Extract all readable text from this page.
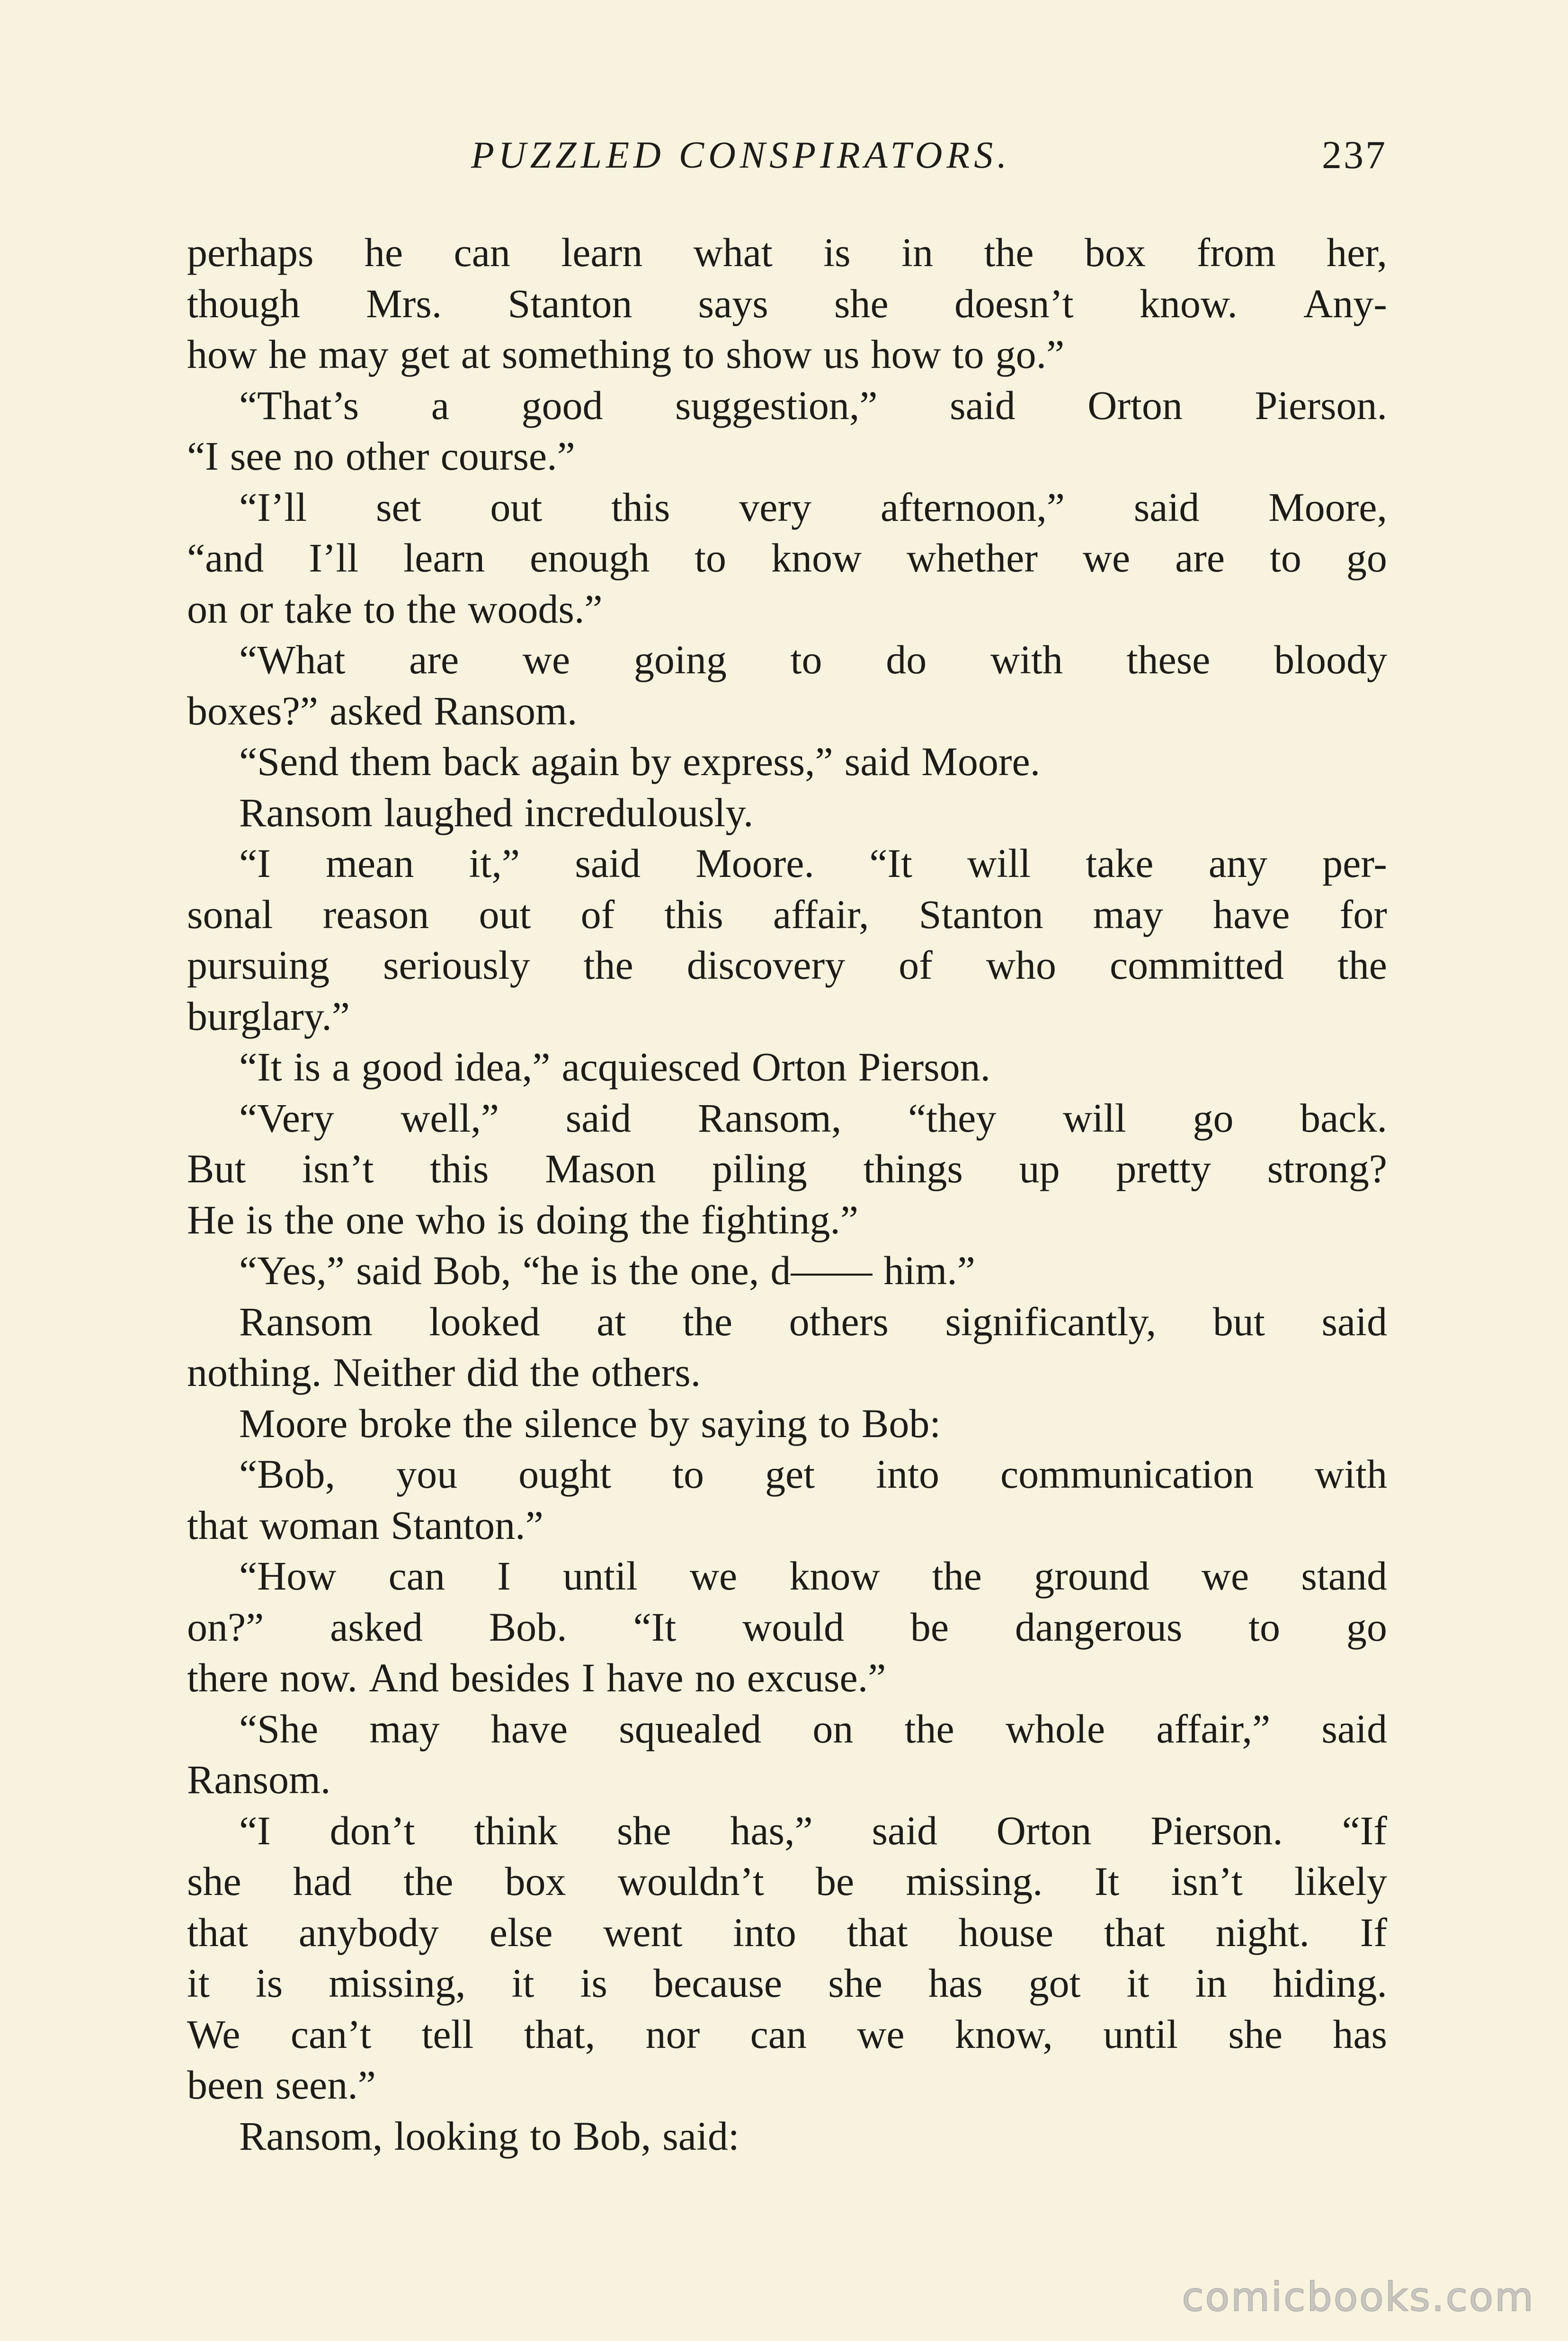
PUZZLED CONSPIRATORS.	237
perhaps he can learn what is in the box from her,
though Mrs. Stanton says she doesn’t know. Any-
how he may get at something to show us how to go.”
“That’s a good suggestion,” said Orton Pierson.
“I see no other course.”
“I’ll set out this very afternoon,” said Moore,
“and I’ll learn enough to know whether we are to go
on or take to the woods.”
“What are we going to do with these bloody
boxes?” asked Ransom.
“Send them back again by express,” said Moore.
Ransom laughed incredulously.
“I mean it,” said Moore. “It will take any per-
sonal reason out of this affair, Stanton may have for
pursuing seriously the discovery of who committed the
burglary.”
“It is a good idea,” acquiesced Orton Pierson.
“Very well,” said Ransom, “they will go back.
But isn’t this Mason piling things up pretty strong?
He is the one who is doing the fighting.”
“Yes,” said Bob, “he is the one, d—— him.”
Ransom looked at the others significantly, but said
nothing. Neither did the others.
Moore broke the silence by saying to Bob:
“Bob, you ought to get into communication with
that woman Stanton.”
“How can I until we know the ground we stand
on?” asked Bob. “It would be dangerous to go
there now. And besides I have no excuse.”
“She may have squealed on the whole affair,” said
Ransom.
“I don’t think she has,” said Orton Pierson. “If
she had the box wouldn’t be missing. It isn’t likely
that anybody else went into that house that night. If
it is missing, it is because she has got it in hiding.
We can’t tell that, nor can we know, until she has
been seen.”
Ransom, looking to Bob, said:
comicbooks.com
